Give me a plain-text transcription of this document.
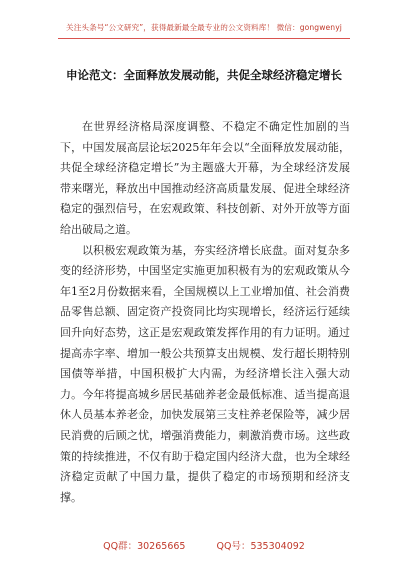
关注头条号“公文研究”，获得最新最全最专业的公文资料库！ 微信：gongwenyj
申论范文：全面释放发展动能，共促全球经济稳定增长

在世界经济格局深度调整、不稳定不确定性加剧的当下，中国发展高层论坛2025年年会以“全面释放发展动能，共促全球经济稳定增长”为主题盛大开幕，为全球经济发展带来曙光，释放出中国推动经济高质量发展、促进全球经济稳定的强烈信号，在宏观政策、科技创新、对外开放等方面给出破局之道。

以积极宏观政策为基，夯实经济增长底盘。面对复杂多变的经济形势，中国坚定实施更加积极有为的宏观政策从今年1至2月份数据来看，全国规模以上工业增加值、社会消费品零售总额、固定资产投资同比均实现增长，经济运行延续回升向好态势，这正是宏观政策发挥作用的有力证明。通过提高赤字率、增加一般公共预算支出规模、发行超长期特别国债等举措，中国积极扩大内需，为经济增长注入强大动力。今年将提高城乡居民基础养老金最低标准、适当提高退休人员基本养老金，加快发展第三支柱养老保险等，减少居民消费的后顾之忧，增强消费能力，刺激消费市场。这些政策的持续推进，不仅有助于稳定国内经济大盘，也为全球经济稳定贡献了中国力量，提供了稳定的市场预期和经济支撑。

QQ群：30265665	QQ号：535304092
